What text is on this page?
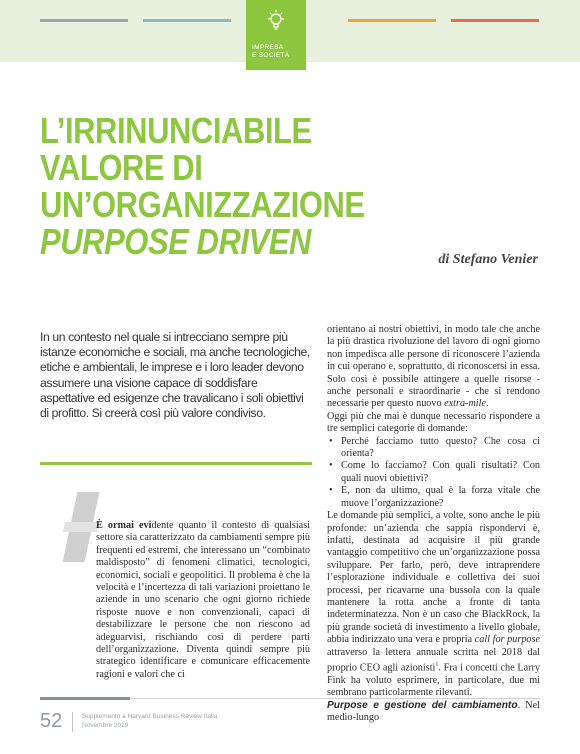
IMPRESA
E SOCIETÀ
L’IRRINUNCIABILE
VALORE DI UN’ORGANIZZAZIONE
PURPOSE DRIVEN	di Stefano Venier
In un contesto nel quale si intrecciano sempre più istanze economiche e sociali, ma anche tecnologiche, etiche e ambientali, le imprese e i loro leader devono assumere una visione capace di soddisfare aspettative ed esigenze che travalicano i soli obiettivi di profitto. Si creerà così più valore condiviso.
È ormai evidente quanto il contesto di qualsiasi settore sia caratterizzato da cambiamenti sempre più frequenti ed estremi, che interessano un “combinato maldisposto” di fenomeni climatici, tecnologici, economici, sociali e geopolitici. Il problema è che la velocità e l’incertezza di tali variazioni proiettano le aziende in uno scenario che ogni giorno richiede risposte nuove e non convenzionali, capaci di destabilizzare le persone che non riescono ad adeguarvisi, rischiando così di perdere parti dell’organizzazione. Diventa quindi sempre più strategico identificare e comunicare efficacemente ragioni e valori che ci

orientano ai nostri obiettivi, in modo tale che anche la più drastica rivoluzione del lavoro di ogni giorno non impedisca alle persone di riconoscere l’azienda in cui operano e, soprattutto, di riconoscersi in essa. Solo così è possibile attingere a quelle risorse - anche personali e straordinarie - che si rendono necessarie per questo nuovo extra-mile.

Oggi più che mai è dunque necessario rispondere a tre semplici categorie di domande:

• Perché facciamo tutto questo? Che cosa ci orienta?
• Come lo facciamo? Con quali risultati? Con quali nuovi obiettivi?
• E, non da ultimo, qual è la forza vitale che muove l’organizzazione?

Le domande più semplici, a volte, sono anche le più profonde: un’azienda che sappia rispondervi è, infatti, destinata ad acquisire il più grande vantaggio competitivo che un’organizzazione possa sviluppare. Per farlo, però, deve intraprendere l’esplorazione individuale e collettiva dei suoi processi, per ricavarne una bussola con la quale mantenere la rotta anche a fronte di tanta indeterminatezza. Non è un caso che BlackRock, la più grande società di investimento a livello globale, abbia indirizzato una vera e propria call for purpose attraverso la lettera annuale scritta nel 2018 dal proprio CEO agli azionisti$^1$. Fra i concetti che Larry Fink ha voluto esprimere, in particolare, due mi sembrano particolarmente rilevanti.

Purpose e gestione del cambiamento. Nel medio-lungo

52	Supplemento a Harvard Business Review Italia
Novembre 2019
